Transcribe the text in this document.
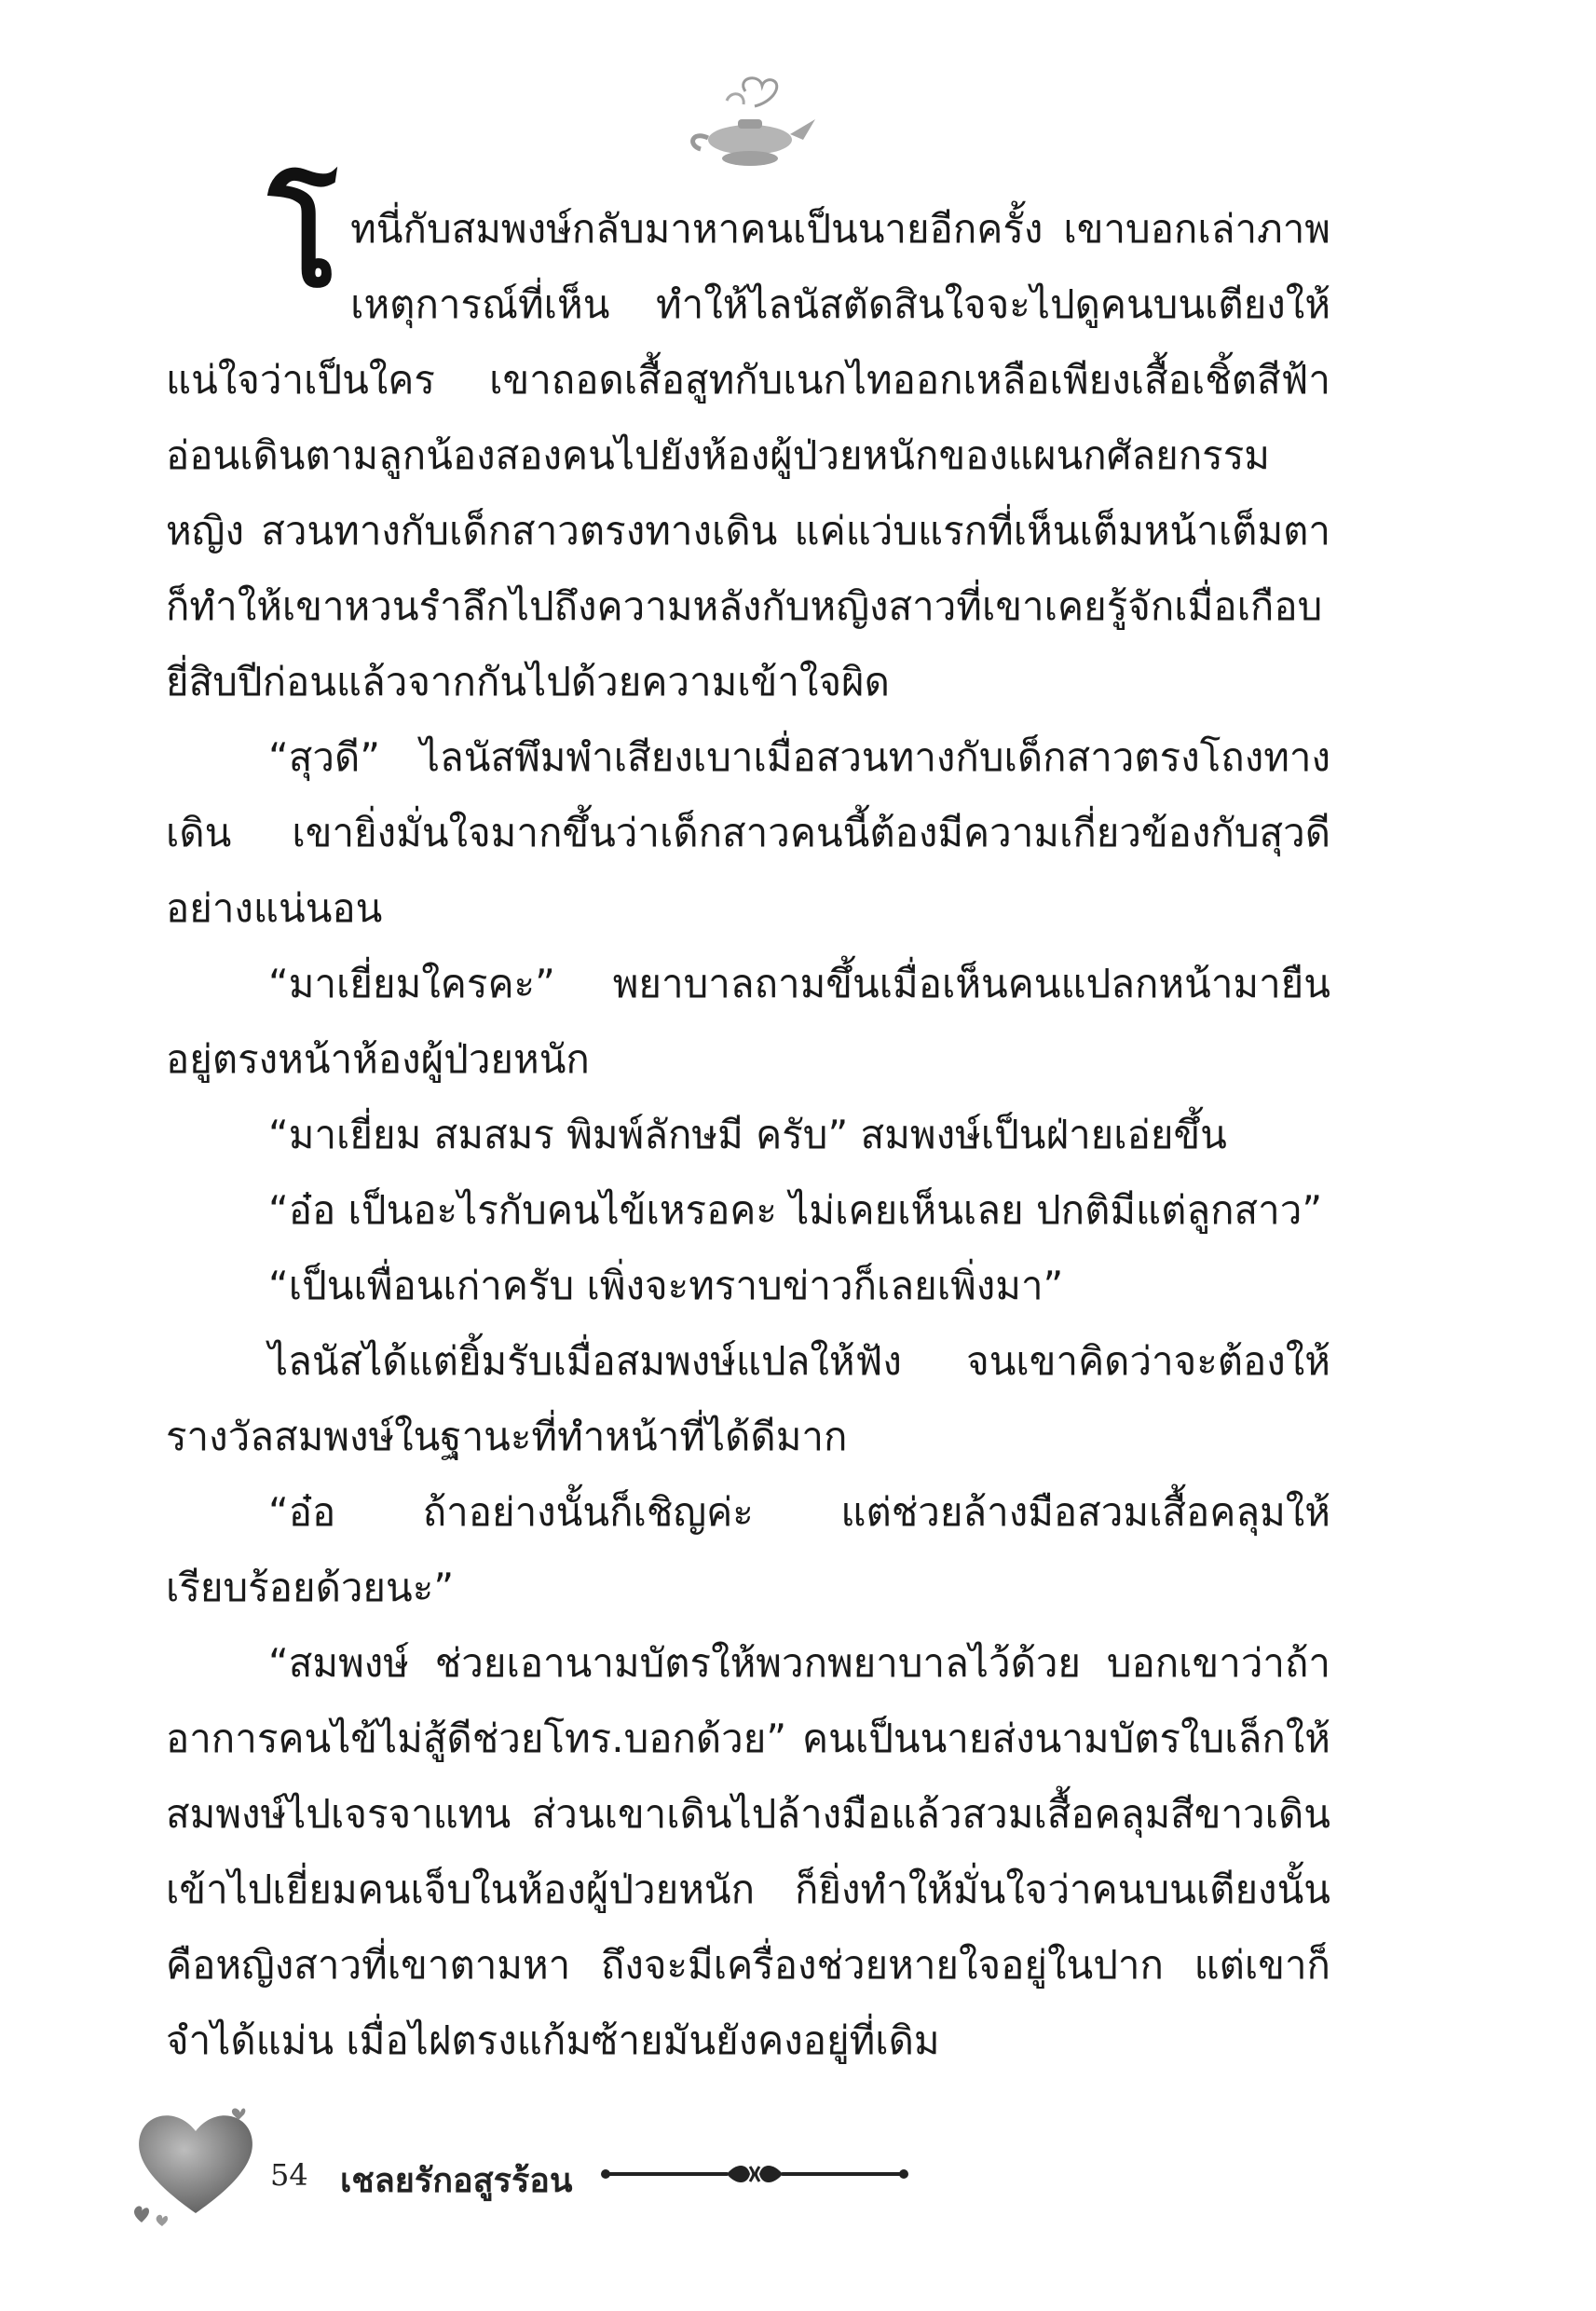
โทนี่กับสมพงษ์กลับมาหาคนเป็นนายอีกครั้ง เขาบอกเล่าภาพเหตุการณ์ที่เห็น ทำให้ไลนัสตัดสินใจจะไปดูคนบนเตียงให้แน่ใจว่าเป็นใคร เขาถอดเสื้อสูทกับเนกไทออกเหลือเพียงเสื้อเชิ้ตสีฟ้าอ่อนเดินตามลูกน้องสองคนไปยังห้องผู้ป่วยหนักของแผนกศัลยกรรมหญิง สวนทางกับเด็กสาวตรงทางเดิน แค่แว่บแรกที่เห็นเต็มหน้าเต็มตาก็ทำให้เขาหวนรำลึกไปถึงความหลังกับหญิงสาวที่เขาเคยรู้จักเมื่อเกือบยี่สิบปีก่อนแล้วจากกันไปด้วยความเข้าใจผิด

“สุวดี” ไลนัสพึมพำเสียงเบาเมื่อสวนทางกับเด็กสาวตรงโถงทางเดิน เขายิ่งมั่นใจมากขึ้นว่าเด็กสาวคนนี้ต้องมีความเกี่ยวข้องกับสุวดีอย่างแน่นอน

“มาเยี่ยมใครคะ” พยาบาลถามขึ้นเมื่อเห็นคนแปลกหน้ามายืนอยู่ตรงหน้าห้องผู้ป่วยหนัก

“มาเยี่ยม สมสมร พิมพ์ลักษมี ครับ” สมพงษ์เป็นฝ่ายเอ่ยขึ้น

“อ๋อ เป็นอะไรกับคนไข้เหรอคะ ไม่เคยเห็นเลย ปกติมีแต่ลูกสาว”

“เป็นเพื่อนเก่าครับ เพิ่งจะทราบข่าวก็เลยเพิ่งมา”

ไลนัสได้แต่ยิ้มรับเมื่อสมพงษ์แปลให้ฟัง จนเขาคิดว่าจะต้องให้รางวัลสมพงษ์ในฐานะที่ทำหน้าที่ได้ดีมาก

“อ๋อ ถ้าอย่างนั้นก็เชิญค่ะ แต่ช่วยล้างมือสวมเสื้อคลุมให้เรียบร้อยด้วยนะ”

“สมพงษ์ ช่วยเอานามบัตรให้พวกพยาบาลไว้ด้วย บอกเขาว่าถ้าอาการคนไข้ไม่สู้ดีช่วยโทร.บอกด้วย” คนเป็นนายส่งนามบัตรใบเล็กให้สมพงษ์ไปเจรจาแทน ส่วนเขาเดินไปล้างมือแล้วสวมเสื้อคลุมสีขาวเดินเข้าไปเยี่ยมคนเจ็บในห้องผู้ป่วยหนัก ก็ยิ่งทำให้มั่นใจว่าคนบนเตียงนั้นคือหญิงสาวที่เขาตามหา ถึงจะมีเครื่องช่วยหายใจอยู่ในปาก แต่เขาก็จำได้แม่น เมื่อไฝตรงแก้มซ้ายมันยังคงอยู่ที่เดิม

54 เชลยรักอสูรร้อน
